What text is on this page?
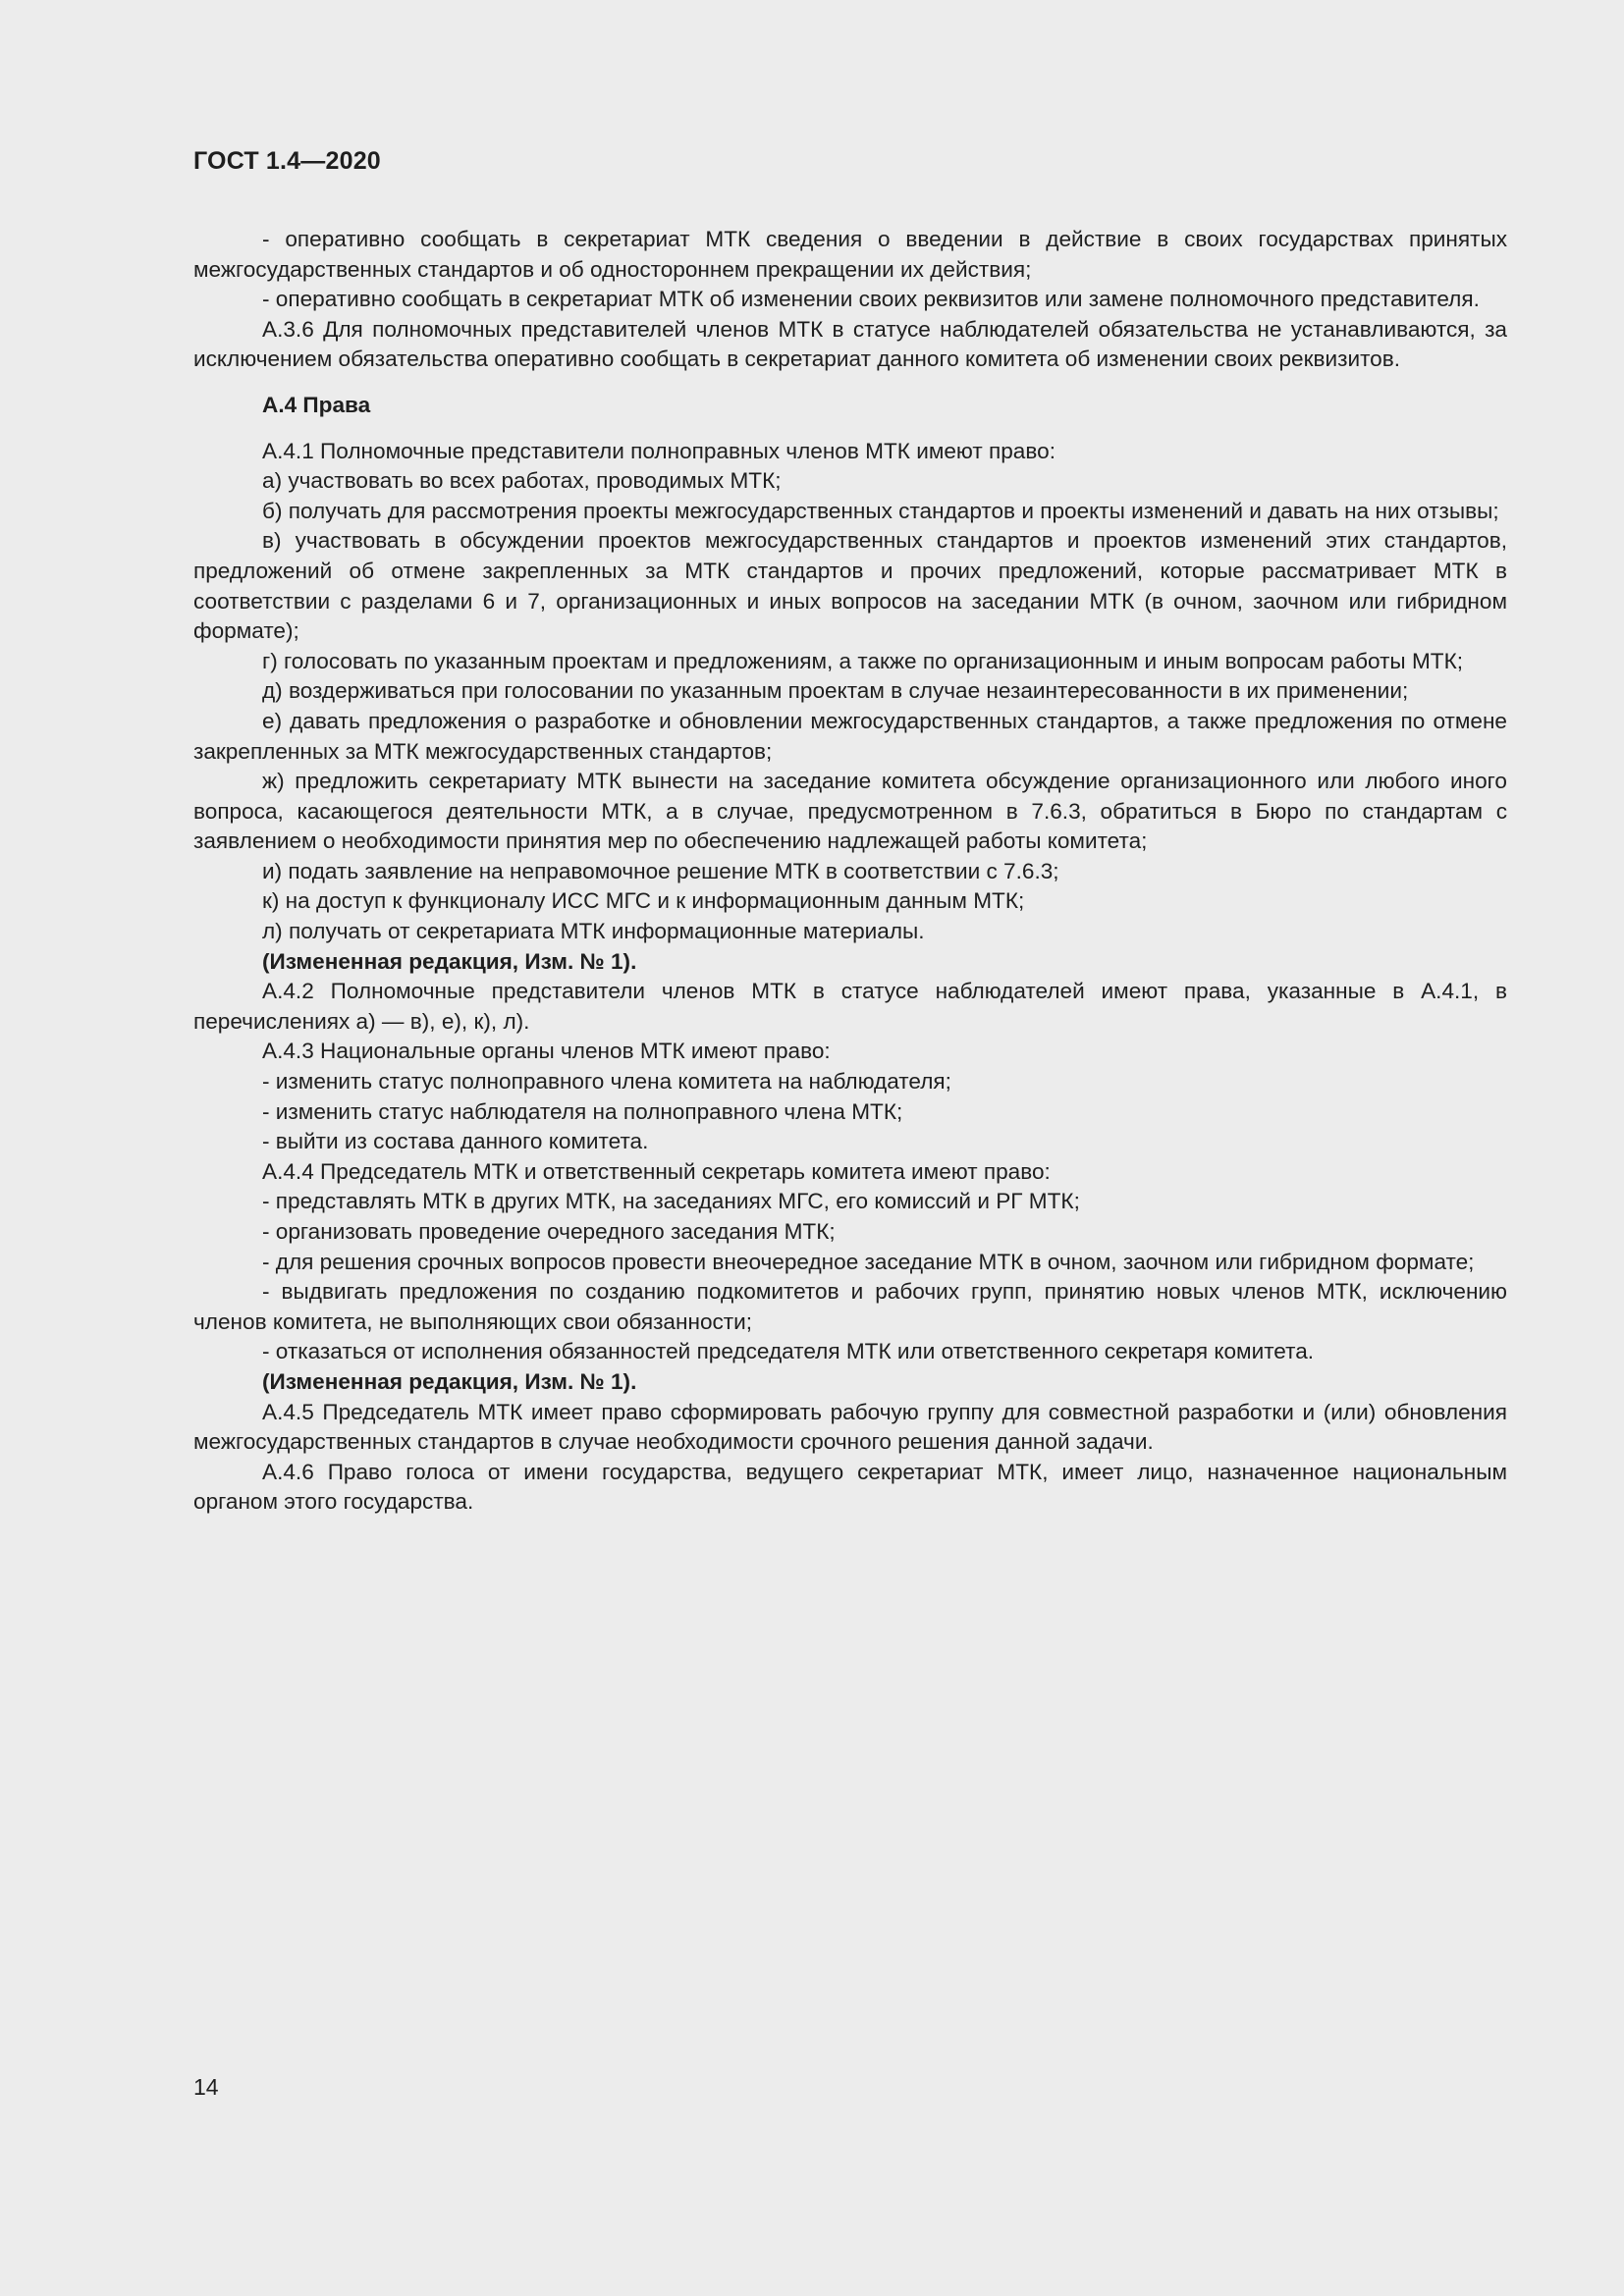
ГОСТ 1.4—2020

- оперативно сообщать в секретариат МТК сведения о введении в действие в своих государствах принятых межгосударственных стандартов и об одностороннем прекращении их действия;

- оперативно сообщать в секретариат МТК об изменении своих реквизитов или замене полномочного представителя.

А.3.6 Для полномочных представителей членов МТК в статусе наблюдателей обязательства не устанавливаются, за исключением обязательства оперативно сообщать в секретариат данного комитета об изменении своих реквизитов.

А.4 Права

А.4.1 Полномочные представители полноправных членов МТК имеют право:

а) участвовать во всех работах, проводимых МТК;

б) получать для рассмотрения проекты межгосударственных стандартов и проекты изменений и давать на них отзывы;

в) участвовать в обсуждении проектов межгосударственных стандартов и проектов изменений этих стандартов, предложений об отмене закрепленных за МТК стандартов и прочих предложений, которые рассматривает МТК в соответствии с разделами 6 и 7, организационных и иных вопросов на заседании МТК (в очном, заочном или гибридном формате);

г) голосовать по указанным проектам и предложениям, а также по организационным и иным вопросам работы МТК;

д) воздерживаться при голосовании по указанным проектам в случае незаинтересованности в их применении;

е) давать предложения о разработке и обновлении межгосударственных стандартов, а также предложения по отмене закрепленных за МТК межгосударственных стандартов;

ж) предложить секретариату МТК вынести на заседание комитета обсуждение организационного или любого иного вопроса, касающегося деятельности МТК, а в случае, предусмотренном в 7.6.3, обратиться в Бюро по стандартам с заявлением о необходимости принятия мер по обеспечению надлежащей работы комитета;

и) подать заявление на неправомочное решение МТК в соответствии с 7.6.3;

к) на доступ к функционалу ИСС МГС и к информационным данным МТК;

л) получать от секретариата МТК информационные материалы.

(Измененная редакция, Изм. № 1).

А.4.2 Полномочные представители членов МТК в статусе наблюдателей имеют права, указанные в А.4.1, в перечислениях а) — в), е), к), л).

А.4.3 Национальные органы членов МТК имеют право:

- изменить статус полноправного члена комитета на наблюдателя;

- изменить статус наблюдателя на полноправного члена МТК;

- выйти из состава данного комитета.

А.4.4 Председатель МТК и ответственный секретарь комитета имеют право:

- представлять МТК в других МТК, на заседаниях МГС, его комиссий и РГ МТК;

- организовать проведение очередного заседания МТК;

- для решения срочных вопросов провести внеочередное заседание МТК в очном, заочном или гибридном формате;

- выдвигать предложения по созданию подкомитетов и рабочих групп, принятию новых членов МТК, исключению членов комитета, не выполняющих свои обязанности;

- отказаться от исполнения обязанностей председателя МТК или ответственного секретаря комитета.

(Измененная редакция, Изм. № 1).

А.4.5 Председатель МТК имеет право сформировать рабочую группу для совместной разработки и (или) обновления межгосударственных стандартов в случае необходимости срочного решения данной задачи.

А.4.6 Право голоса от имени государства, ведущего секретариат МТК, имеет лицо, назначенное национальным органом этого государства.

14
